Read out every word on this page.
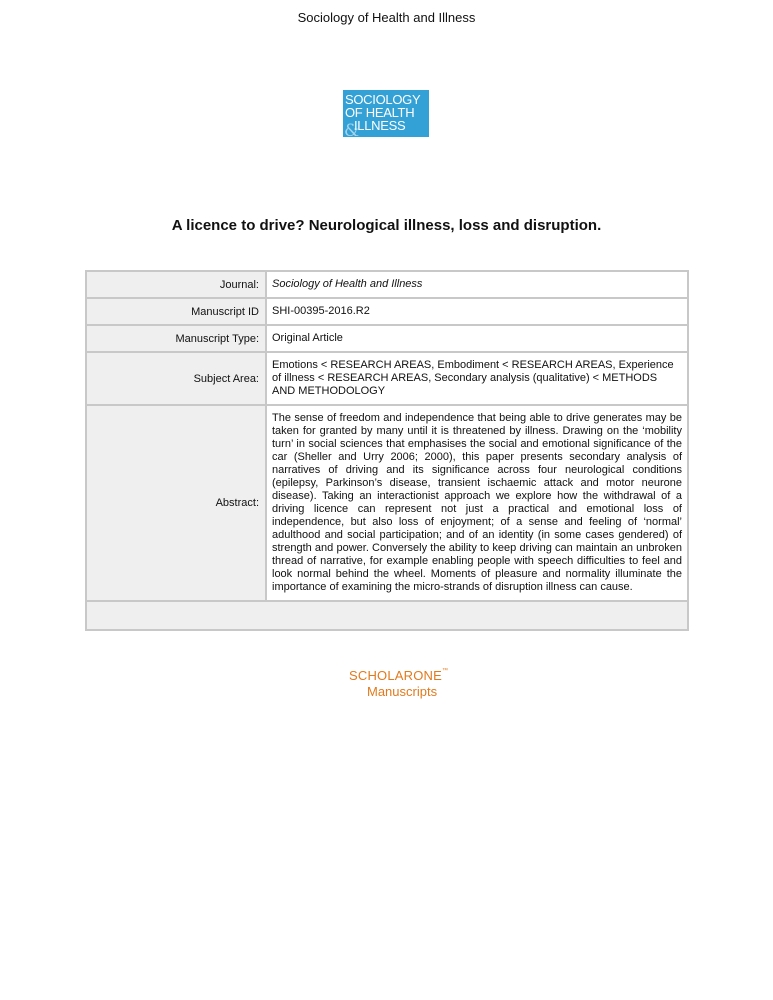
Sociology of Health and Illness
SOCIOLOGY
OF HEALTH
&
ILLNESS
A licence to drive? Neurological illness, loss and disruption.
Journal:	Sociology of Health and Illness
Manuscript ID	SHI-00395-2016.R2
Manuscript Type:	Original Article
Subject Area:
Emotions < RESEARCH AREAS, Embodiment < RESEARCH AREAS, Experience of illness < RESEARCH AREAS, Secondary analysis (qualitative) < METHODS AND METHODOLOGY
Abstract:
The sense of freedom and independence that being able to drive generates may be taken for granted by many until it is threatened by illness. Drawing on the ‘mobility turn’ in social sciences that emphasises the social and emotional significance of the car (Sheller and Urry 2006; 2000), this paper presents secondary analysis of narratives of driving and its significance across four neurological conditions (epilepsy, Parkinson’s disease, transient ischaemic attack and motor neurone disease). Taking an interactionist approach we explore how the withdrawal of a driving licence can represent not just a practical and emotional loss of independence, but also loss of enjoyment; of a sense and feeling of ‘normal’ adulthood and social participation; and of an identity (in some cases gendered) of strength and power. Conversely the ability to keep driving can maintain an unbroken thread of narrative, for example enabling people with speech difficulties to feel and look normal behind the wheel. Moments of pleasure and normality illuminate the importance of examining the micro-strands of disruption illness can cause.
SCHOLARONE™
Manuscripts
